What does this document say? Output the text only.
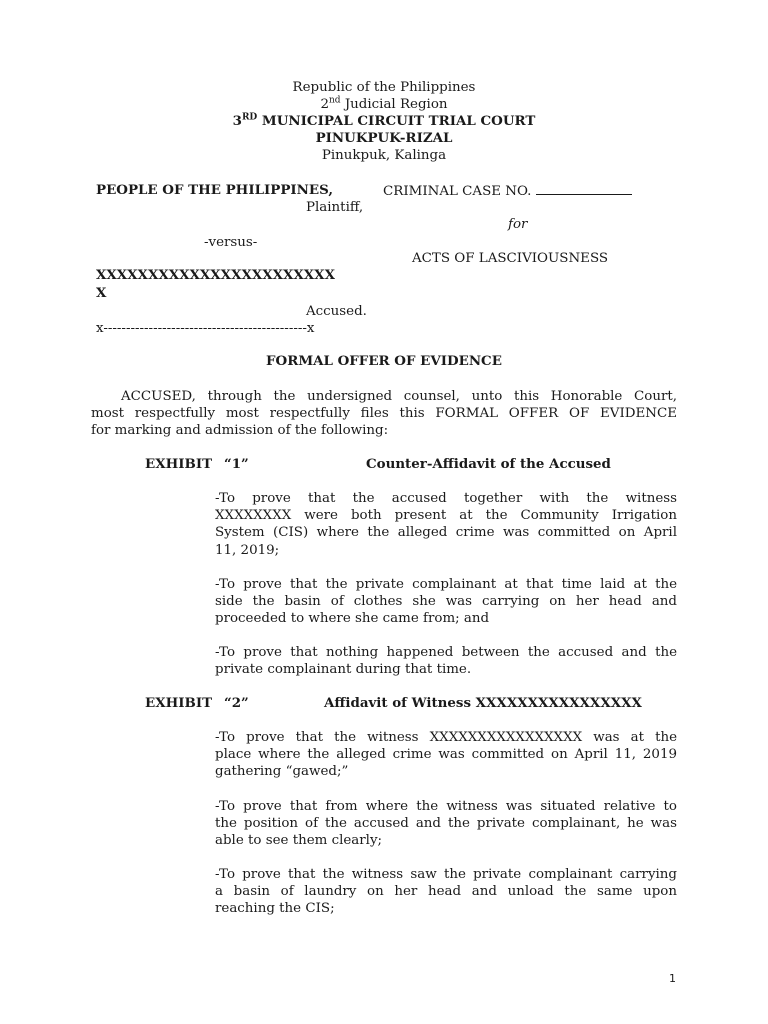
Republic of the Philippines
2nd Judicial Region
3RD MUNICIPAL CIRCUIT TRIAL COURT
PINUKPUK-RIZAL
Pinukpuk, Kalinga
PEOPLE OF THE PHILIPPINES,	CRIMINAL CASE NO.
Plaintiff,
for
-versus-
ACTS OF LASCIVIOUSNESS
XXXXXXXXXXXXXXXXXXXXXXX
X
Accused.
x---------------------------------------------x
FORMAL OFFER OF EVIDENCE
ACCUSED, through the undersigned counsel, unto this Honorable Court,
most respectfully most respectfully files this FORMAL OFFER OF EVIDENCE
for marking and admission of the following:
EXHIBIT “1”	Counter-Affidavit of the Accused
-To prove that the accused together with the witness
XXXXXXXX were both present at the Community Irrigation
System (CIS) where the alleged crime was committed on April
11, 2019;
-To prove that the private complainant at that time laid at the
side the basin of clothes she was carrying on her head and
proceeded to where she came from; and
-To prove that nothing happened between the accused and the
private complainant during that time.
EXHIBIT “2”	Affidavit of Witness XXXXXXXXXXXXXXXX
-To prove that the witness XXXXXXXXXXXXXXXX was at the
place where the alleged crime was committed on April 11, 2019
gathering “gawed;”
-To prove that from where the witness was situated relative to
the position of the accused and the private complainant, he was
able to see them clearly;
-To prove that the witness saw the private complainant carrying
a basin of laundry on her head and unload the same upon
reaching the CIS;
1
